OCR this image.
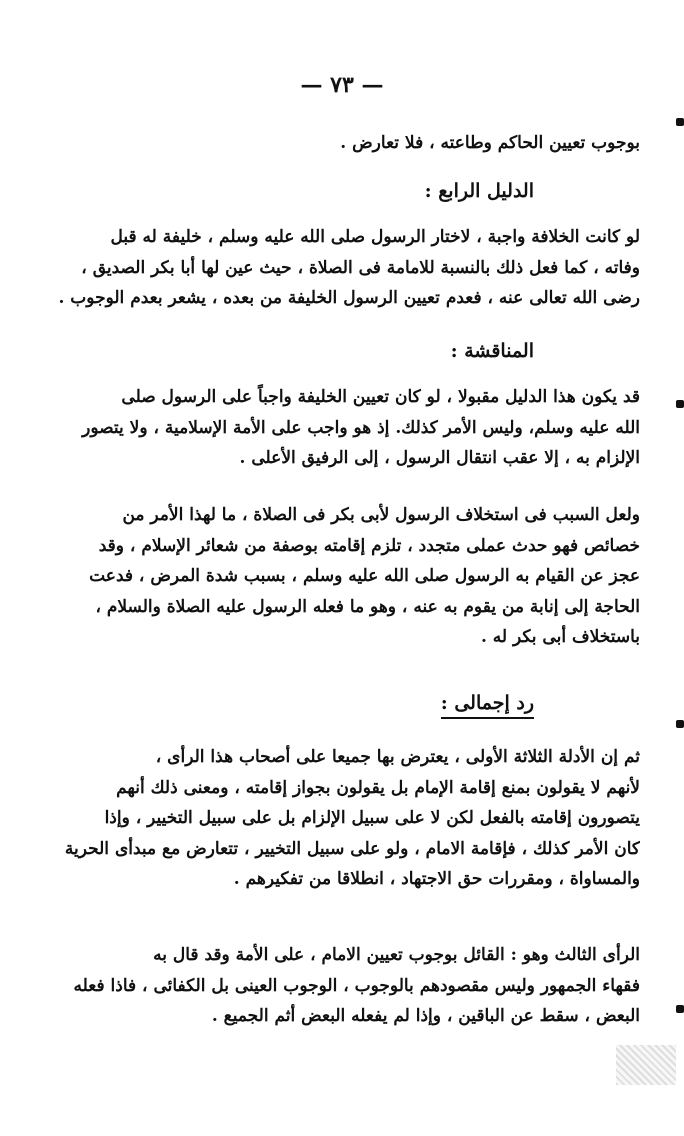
— ٧٣ —
بوجوب تعيين الحاكم وطاعته ، فلا تعارض .
الدليل الرابع :
لو كانت الخلافة واجبة ، لاختار الرسول صلى الله عليه وسلم ، خليفة له قبل
وفاته ، كما فعل ذلك بالنسبة للامامة فى الصلاة ، حيث عين لها أبا بكر الصديق ،
رضى الله تعالى عنه ، فعدم تعيين الرسول الخليفة من بعده ، يشعر بعدم الوجوب .
المناقشة :
قد يكون هذا الدليل مقبولا ، لو كان تعيين الخليفة واجباً على الرسول صلى
الله عليه وسلم، وليس الأمر كذلك. إذ هو واجب على الأمة الإسلامية ، ولا يتصور
الإلزام به ، إلا عقب انتقال الرسول ، إلى الرفيق الأعلى .
ولعل السبب فى استخلاف الرسول لأبى بكر فى الصلاة ، ما لهذا الأمر من
خصائص فهو حدث عملى متجدد ، تلزم إقامته بوصفة من شعائر الإسلام ، وقد
عجز عن القيام به الرسول صلى الله عليه وسلم ، بسبب شدة المرض ، فدعت
الحاجة إلى إنابة من يقوم به عنه ، وهو ما فعله الرسول عليه الصلاة والسلام ،
باستخلاف أبى بكر له .
رد إجمالى :
ثم إن الأدلة الثلاثة الأولى ، يعترض بها جميعا على أصحاب هذا الرأى ،
لأنهم لا يقولون بمنع إقامة الإمام بل يقولون بجواز إقامته ، ومعنى ذلك أنهم
يتصورون إقامته بالفعل لكن لا على سبيل الإلزام بل على سبيل التخيير ، وإذا
كان الأمر كذلك ، فإقامة الامام ، ولو على سبيل التخيير ، تتعارض مع مبدأى الحرية
والمساواة ، ومقررات حق الاجتهاد ، انطلاقا من تفكيرهم .
الرأى الثالث وهو : القائل بوجوب تعيين الامام ، على الأمة وقد قال به
فقهاء الجمهور وليس مقصودهم بالوجوب ، الوجوب العينى بل الكفائى ، فاذا فعله
البعض ، سقط عن الباقين ، وإذا لم يفعله البعض أثم الجميع .
